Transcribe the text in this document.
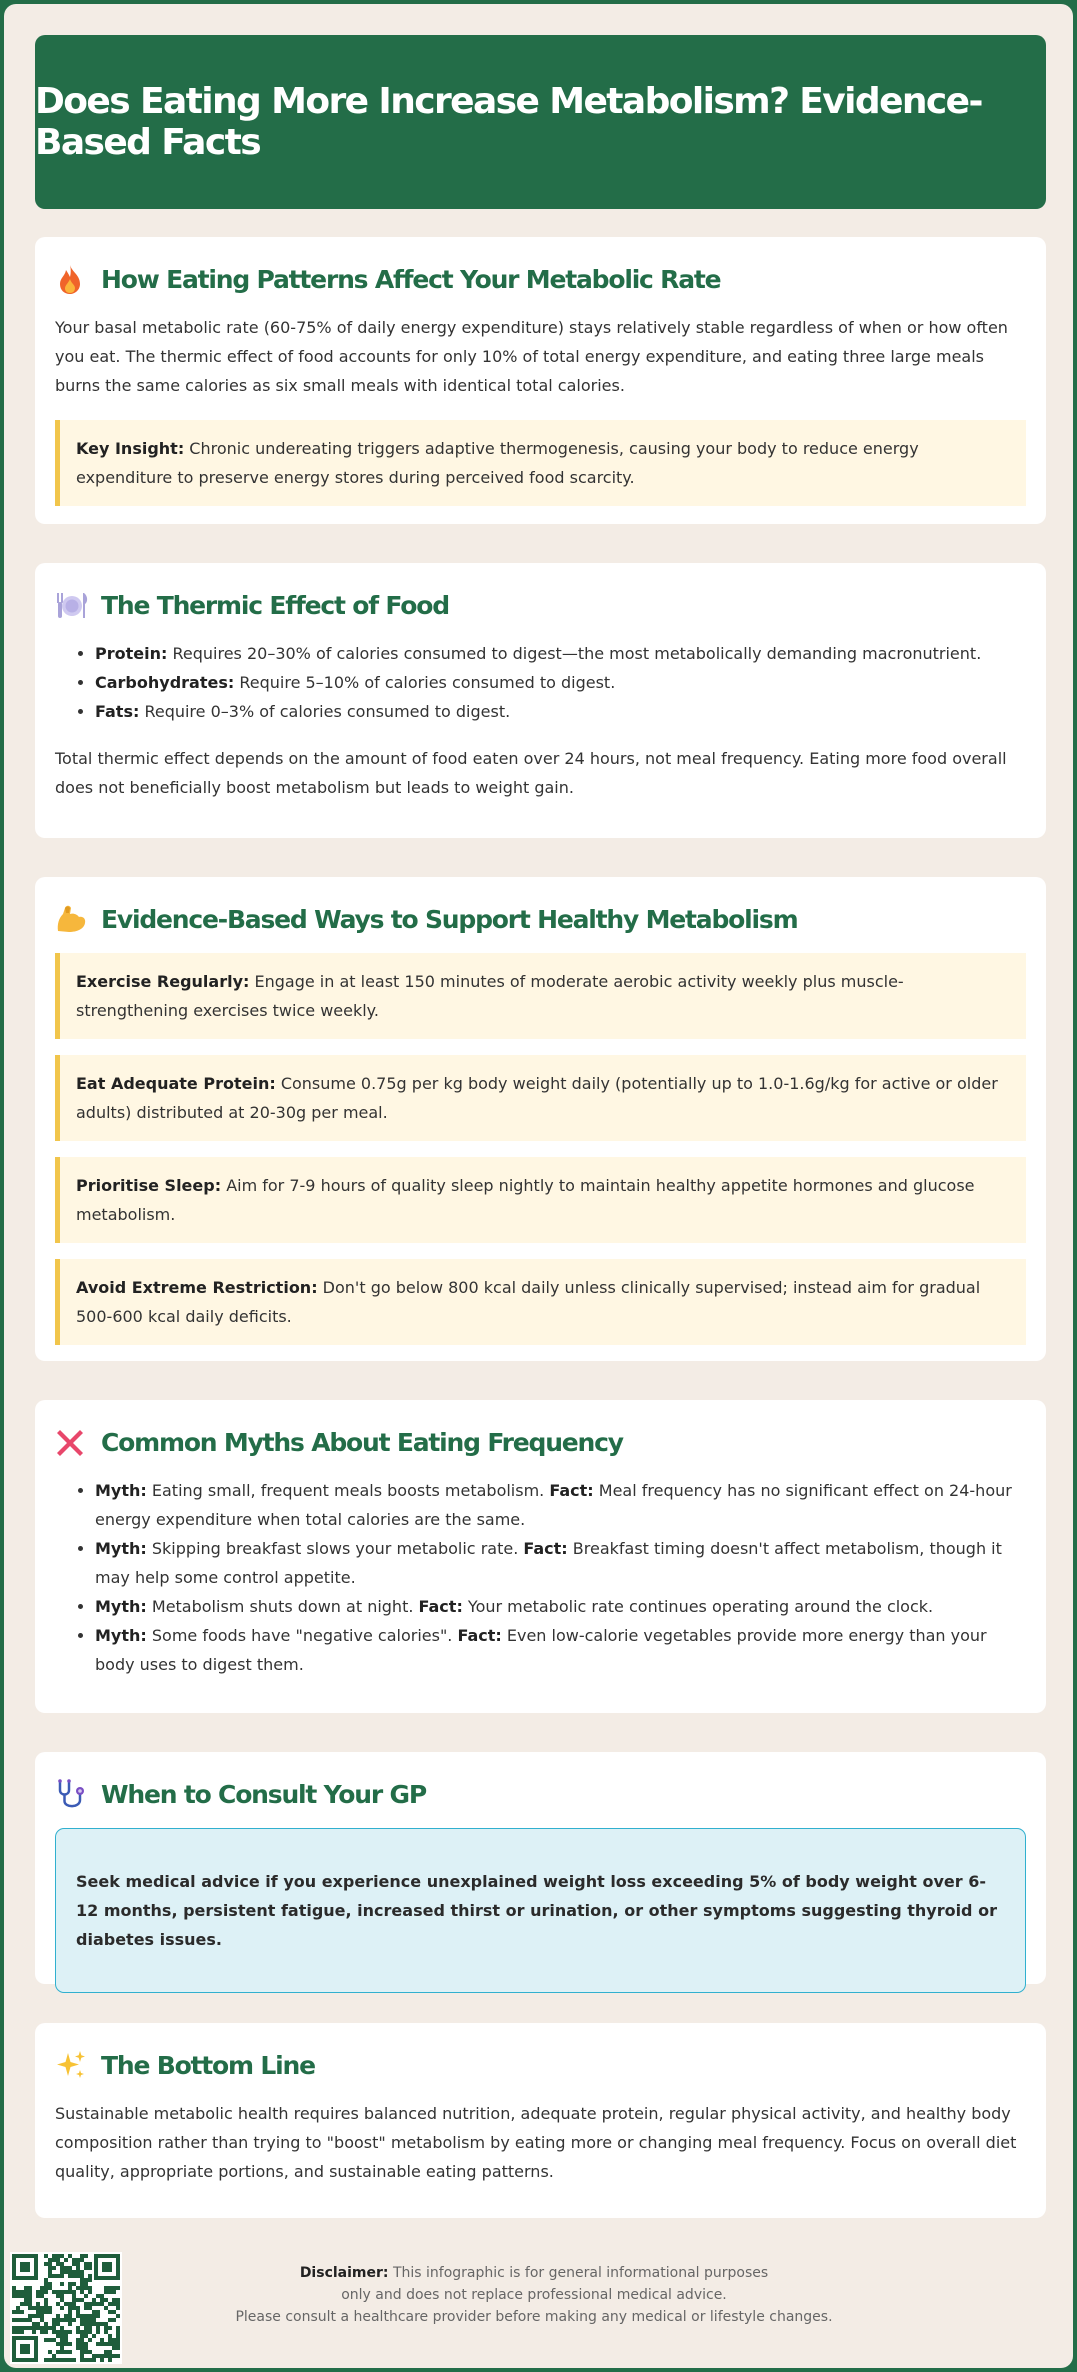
Does Eating More Increase Metabolism? Evidence-Based Facts
How Eating Patterns Affect Your Metabolic Rate

Your basal metabolic rate (60-75% of daily energy expenditure) stays relatively stable regardless of when or how often you eat. The thermic effect of food accounts for only 10% of total energy expenditure, and eating three large meals burns the same calories as six small meals with identical total calories.

Key Insight: Chronic undereating triggers adaptive thermogenesis, causing your body to reduce energy expenditure to preserve energy stores during perceived food scarcity.
The Thermic Effect of Food
• Protein: Requires 20–30% of calories consumed to digest—the most metabolically demanding macronutrient.
• Carbohydrates: Require 5–10% of calories consumed to digest.
• Fats: Require 0–3% of calories consumed to digest.

Total thermic effect depends on the amount of food eaten over 24 hours, not meal frequency. Eating more food overall does not beneficially boost metabolism but leads to weight gain.

Evidence-Based Ways to Support Healthy Metabolism
Exercise Regularly: Engage in at least 150 minutes of moderate aerobic activity weekly plus muscle-strengthening exercises twice weekly.
Eat Adequate Protein: Consume 0.75g per kg body weight daily (potentially up to 1.0-1.6g/kg for active or older adults) distributed at 20-30g per meal.
Prioritise Sleep: Aim for 7-9 hours of quality sleep nightly to maintain healthy appetite hormones and glucose metabolism.
Avoid Extreme Restriction: Don't go below 800 kcal daily unless clinically supervised; instead aim for gradual 500-600 kcal daily deficits.
Common Myths About Eating Frequency
• Myth: Eating small, frequent meals boosts metabolism. Fact: Meal frequency has no significant effect on 24-hour energy expenditure when total calories are the same.
• Myth: Skipping breakfast slows your metabolic rate. Fact: Breakfast timing doesn't affect metabolism, though it may help some control appetite.
• Myth: Metabolism shuts down at night. Fact: Your metabolic rate continues operating around the clock.
• Myth: Some foods have "negative calories". Fact: Even low-calorie vegetables provide more energy than your body uses to digest them.
When to Consult Your GP
Seek medical advice if you experience unexplained weight loss exceeding 5% of body weight over 6-12 months, persistent fatigue, increased thirst or urination, or other symptoms suggesting thyroid or diabetes issues.
The Bottom Line

Sustainable metabolic health requires balanced nutrition, adequate protein, regular physical activity, and healthy body composition rather than trying to "boost" metabolism by eating more or changing meal frequency. Focus on overall diet quality, appropriate portions, and sustainable eating patterns.

Disclaimer: This infographic is for general informational purposes
only and does not replace professional medical advice.
Please consult a healthcare provider before making any medical or lifestyle changes.
